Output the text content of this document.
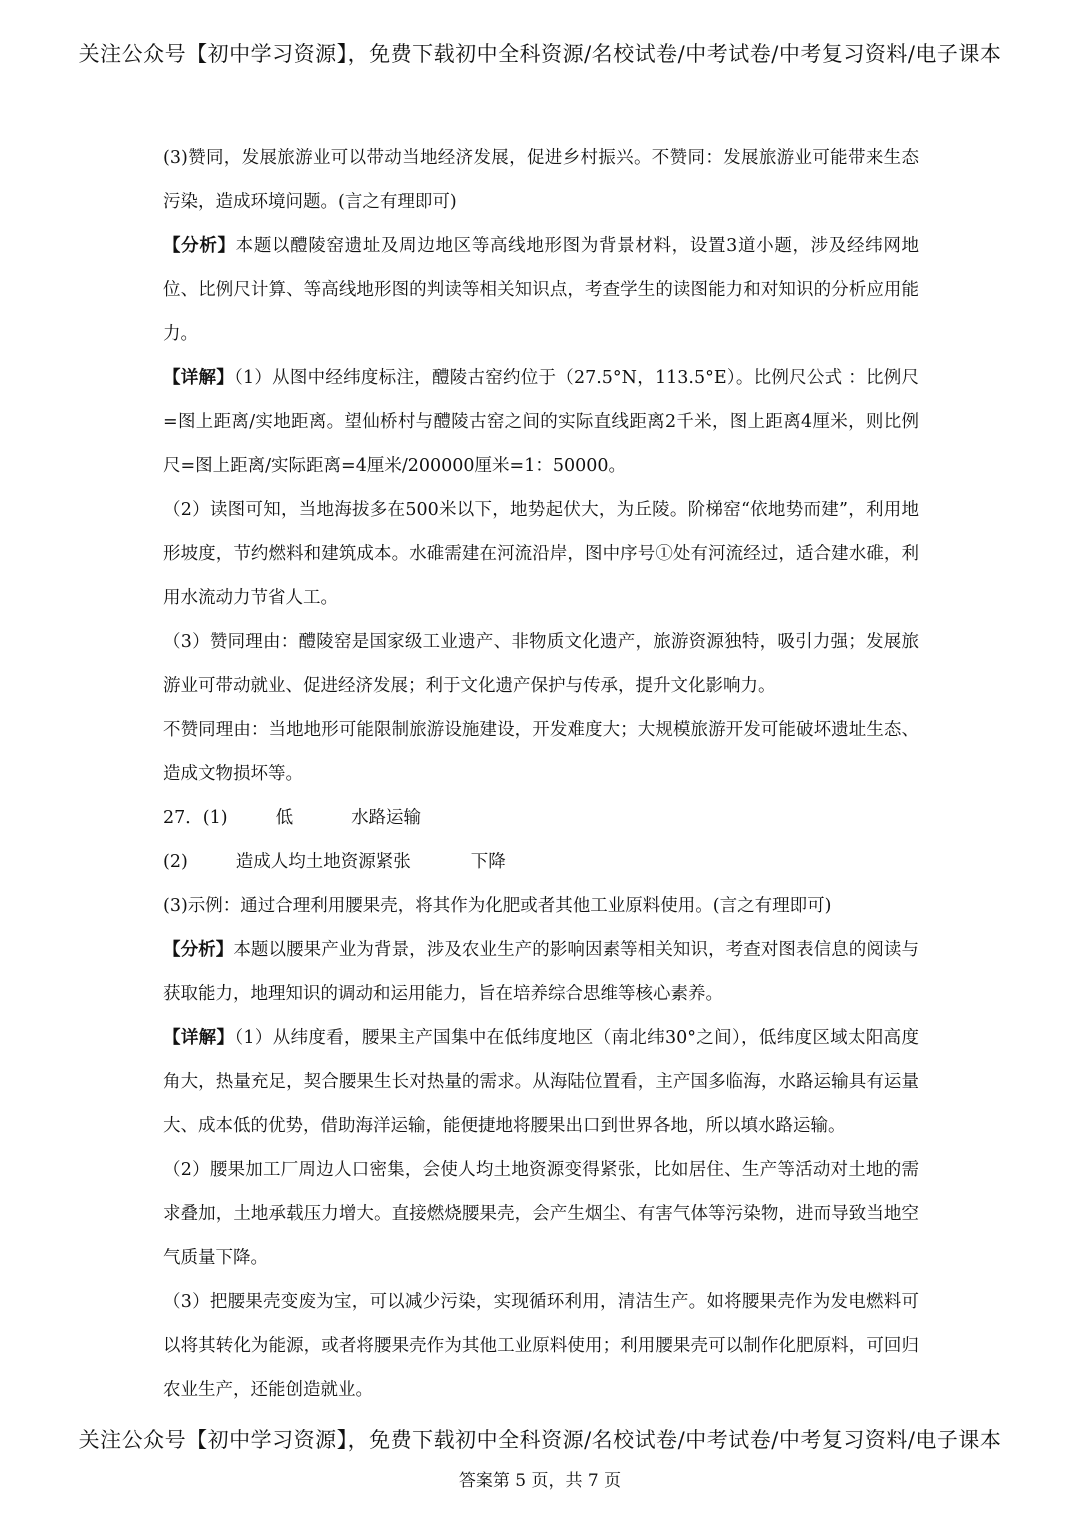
关注公众号【初中学习资源】，免费下载初中全科资源/名校试卷/中考试卷/中考复习资料/电子课本

(3)赞同，发展旅游业可以带动当地经济发展，促进乡村振兴。不赞同：发展旅游业可能带来生态污染，造成环境问题。(言之有理即可)

【分析】本题以醴陵窑遗址及周边地区等高线地形图为背景材料，设置3道小题，涉及经纬网地位、比例尺计算、等高线地形图的判读等相关知识点，考查学生的读图能力和对知识的分析应用能力。

【详解】（1）从图中经纬度标注，醴陵古窑约位于（27.5°N，113.5°E）。比例尺公式 ：比例尺=图上距离/实地距离。望仙桥村与醴陵古窑之间的实际直线距离2千米，图上距离4厘米，则比例尺=图上距离/实际距离=4厘米/200000厘米=1：50000。

（2）读图可知，当地海拔多在500米以下，地势起伏大，为丘陵。阶梯窑“依地势而建”，利用地形坡度，节约燃料和建筑成本。水碓需建在河流沿岸，图中序号①处有河流经过，适合建水碓，利用水流动力节省人工。

（3）赞同理由：醴陵窑是国家级工业遗产、非物质文化遗产，旅游资源独特，吸引力强；发展旅游业可带动就业、促进经济发展；利于文化遗产保护与传承，提升文化影响力。

不赞同理由：当地地形可能限制旅游设施建设，开发难度大；大规模旅游开发可能破坏遗址生态、造成文物损坏等。

27．(1)	低	水路运输

(2)	造成人均土地资源紧张	下降

(3)示例：通过合理利用腰果壳，将其作为化肥或者其他工业原料使用。(言之有理即可)

【分析】本题以腰果产业为背景，涉及农业生产的影响因素等相关知识，考查对图表信息的阅读与获取能力，地理知识的调动和运用能力，旨在培养综合思维等核心素养。

【详解】（1）从纬度看，腰果主产国集中在低纬度地区（南北纬30°之间），低纬度区域太阳高度角大，热量充足，契合腰果生长对热量的需求。从海陆位置看，主产国多临海，水路运输具有运量大、成本低的优势，借助海洋运输，能便捷地将腰果出口到世界各地，所以填水路运输。

（2）腰果加工厂周边人口密集，会使人均土地资源变得紧张，比如居住、生产等活动对土地的需求叠加，土地承载压力增大。直接燃烧腰果壳，会产生烟尘、有害气体等污染物，进而导致当地空气质量下降。

（3）把腰果壳变废为宝，可以减少污染，实现循环利用，清洁生产。如将腰果壳作为发电燃料可以将其转化为能源，或者将腰果壳作为其他工业原料使用；利用腰果壳可以制作化肥原料，可回归农业生产，还能创造就业。

关注公众号【初中学习资源】，免费下载初中全科资源/名校试卷/中考试卷/中考复习资料/电子课本
答案第 5 页，共 7 页
